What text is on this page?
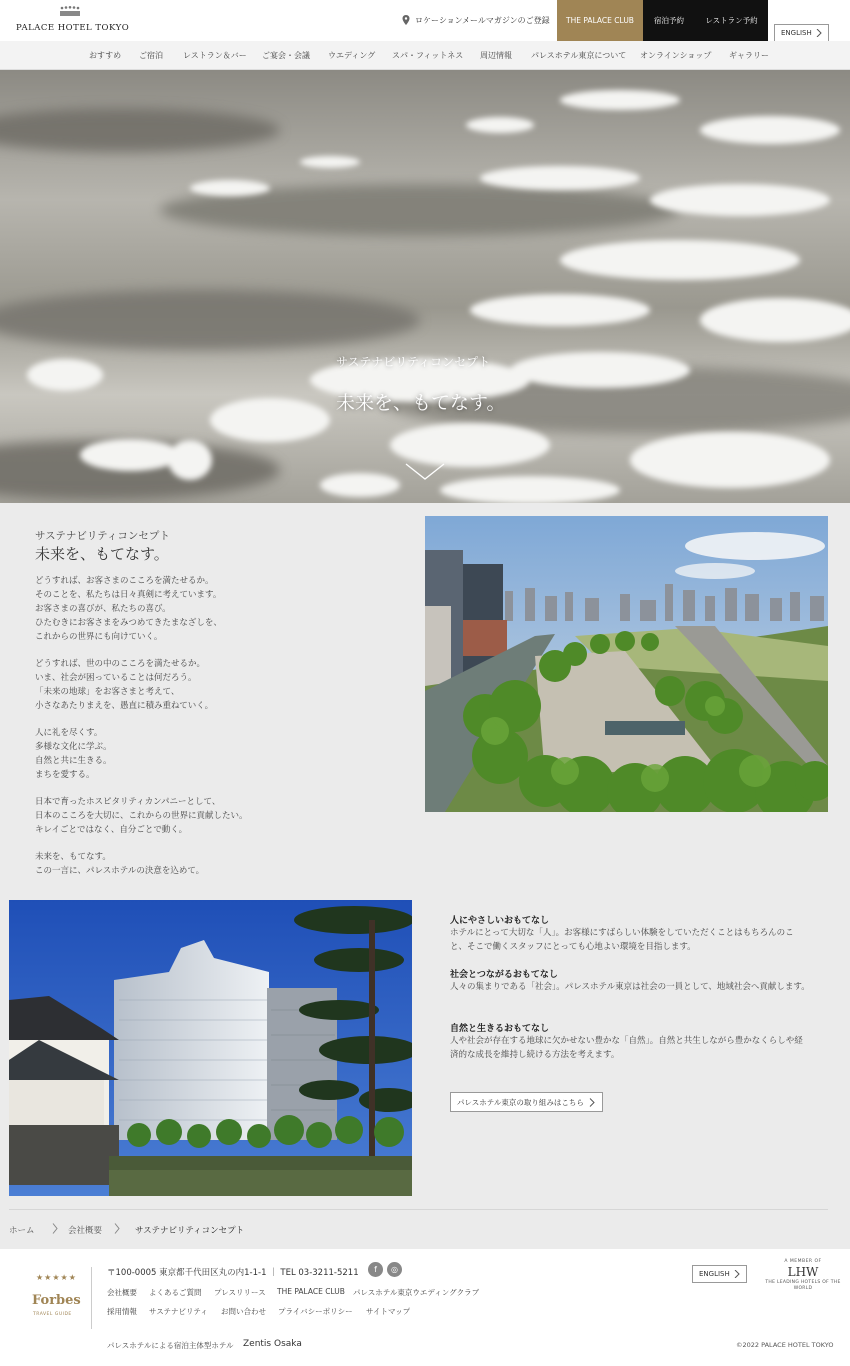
PALACE HOTEL TOKYO
ロケーション メールマガジンのご登録	THE PALACE CLUB	宿泊予約	レストラン予約
ENGLISH
おすすめ ご宿泊	レストラン＆バー ご宴会・会議 ウエディング スパ・フィットネス 周辺情報 パレスホテル東京について オンラインショップ ギャラリー
サステナビリティコンセプト
未来を、もてなす。
サステナビリティコンセプト
未来を、もてなす。

どうすれば、お客さまのこころを満たせるか。
そのことを、私たちは日々真剣に考えています。
お客さまの喜びが、私たちの喜び。
ひたむきにお客さまをみつめてきたまなざしを、
これからの世界にも向けていく。

どうすれば、世の中のこころを満たせるか。
いま、社会が困っていることは何だろう。
「未来の地球」をお客さまと考えて、
小さなあたりまえを、愚直に積み重ねていく。

人に礼を尽くす。
多様な文化に学ぶ。
自然と共に生きる。
まちを愛する。

日本で育ったホスピタリティカンパニーとして、
日本のこころを大切に、これからの世界に貢献したい。
キレイごとではなく、自分ごとで動く。

未来を、もてなす。
この一言に、パレスホテルの決意を込めて。

人にやさしいおもてなし
ホテルにとって大切な「人」。お客様にすばらしい体験をしていただくことはもちろんのこと、そこで働くスタッフにとっても心地よい環境を目指します。
社会とつながるおもてなし
人々の集まりである「社会」。パレスホテル東京は社会の一員として、地域社会へ貢献します。
自然と生きるおもてなし
人や社会が存在する地球に欠かせない豊かな「自然」。自然と共生しながら豊かなくらしや経済的な成長を維持し続ける方法を考えます。
パレスホテル東京の取り組みはこちら
ホーム	会社概要	サステナビリティコンセプト
★★★★★
Forbes
TRAVEL GUIDE
〒100-0005 東京都千代田区丸の内1-1-1 ｜ TEL 03-3211-5211	f	◎
会社概要 よくあるご質問 プレスリリース THE PALACE CLUB パレスホテル東京ウエディングクラブ
採用情報 サステナビリティ お問い合わせ プライバシーポリシー サイトマップ
パレスホテルによる宿泊主体型ホテル Zentis Osaka
ENGLISH
A MEMBER OF
LHW
THE LEADING HOTELS OF THE WORLD
©2022 PALACE HOTEL TOKYO
